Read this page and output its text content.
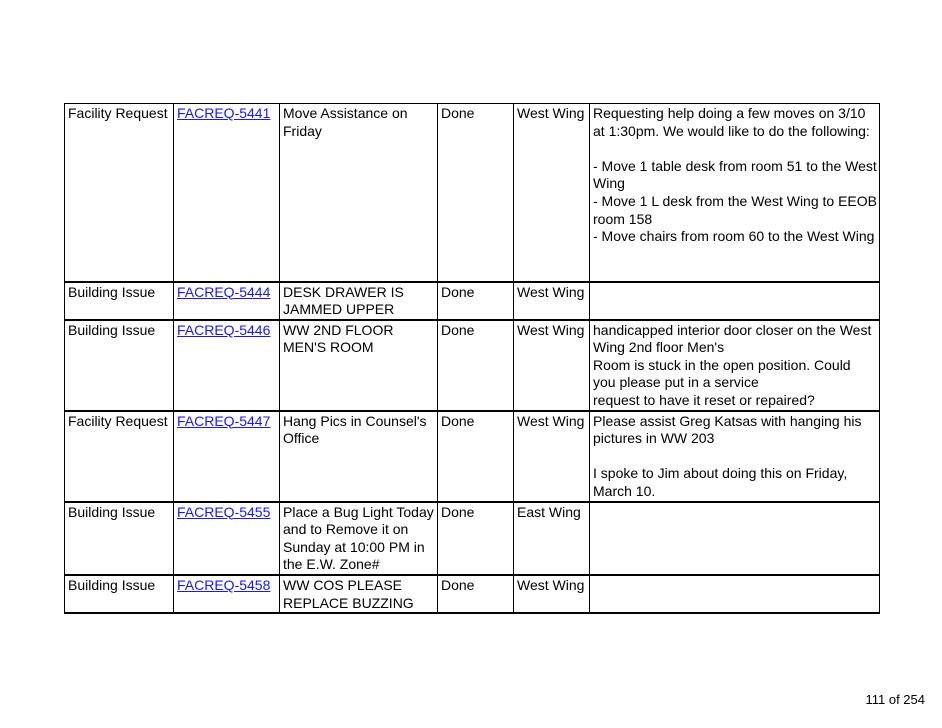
Facility Request	FACREQ-5441	Move Assistance on Friday	Done	West Wing	Requesting help doing a few moves on 3/10 at 1:30pm. We would like to do the following:
- Move 1 table desk from room 51 to the West Wing
- Move 1 L desk from the West Wing to EEOB room 158
- Move chairs from room 60 to the West Wing

Building Issue	FACREQ-5444	DESK DRAWER IS JAMMED UPPER	Done	West Wing	
Building Issue	FACREQ-5446	WW 2ND FLOOR MEN'S ROOM	Done	West Wing	handicapped interior door closer on the West Wing 2nd floor Men's
Room is stuck in the open position. Could you please put in a service
request to have it reset or repaired?

Facility Request	FACREQ-5447	Hang Pics in Counsel's Office	Done	West Wing	Please assist Greg Katsas with hanging his pictures in WW 203
I spoke to Jim about doing this on Friday, March 10.

Building Issue	FACREQ-5455	Place a Bug Light Today and to Remove it on Sunday at 10:00 PM in the E.W. Zone#	Done	East Wing	
Building Issue	FACREQ-5458	WW COS PLEASE REPLACE BUZZING	Done	West Wing	
111 of 254
